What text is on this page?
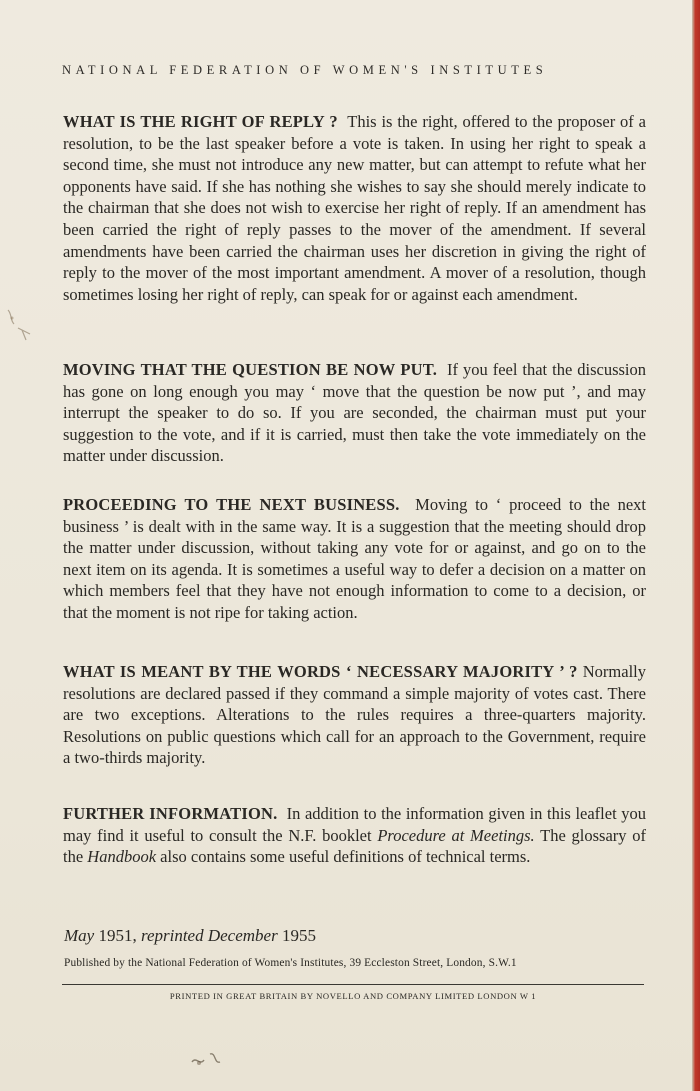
NATIONAL FEDERATION OF WOMEN'S INSTITUTES

WHAT IS THE RIGHT OF REPLY ? This is the right, offered to the proposer of a resolution, to be the last speaker before a vote is taken. In using her right to speak a second time, she must not introduce any new matter, but can attempt to refute what her opponents have said. If she has nothing she wishes to say she should merely indicate to the chairman that she does not wish to exercise her right of reply. If an amendment has been carried the right of reply passes to the mover of the amendment. If several amendments have been carried the chairman uses her discretion in giving the right of reply to the mover of the most important amendment. A mover of a resolution, though sometimes losing her right of reply, can speak for or against each amendment.

MOVING THAT THE QUESTION BE NOW PUT. If you feel that the discussion has gone on long enough you may ‘ move that the question be now put ’, and may interrupt the speaker to do so. If you are seconded, the chairman must put your suggestion to the vote, and if it is carried, must then take the vote immediately on the matter under discussion.

PROCEEDING TO THE NEXT BUSINESS. Moving to ‘ proceed to the next business ’ is dealt with in the same way. It is a suggestion that the meeting should drop the matter under discussion, without taking any vote for or against, and go on to the next item on its agenda. It is sometimes a useful way to defer a decision on a matter on which members feel that they have not enough information to come to a decision, or that the moment is not ripe for taking action.

WHAT IS MEANT BY THE WORDS ‘ NECESSARY MAJORITY ’ ? Normally resolutions are declared passed if they command a simple majority of votes cast. There are two exceptions. Alterations to the rules requires a three-quarters majority. Resolutions on public questions which call for an approach to the Government, require a two-thirds majority.

FURTHER INFORMATION. In addition to the information given in this leaflet you may find it useful to consult the N.F. booklet Procedure at Meetings. The glossary of the Handbook also contains some useful definitions of technical terms.

May 1951, reprinted December 1955
Published by the National Federation of Women's Institutes, 39 Eccleston Street, London, S.W.1
PRINTED IN GREAT BRITAIN BY NOVELLO AND COMPANY LIMITED LONDON W 1
